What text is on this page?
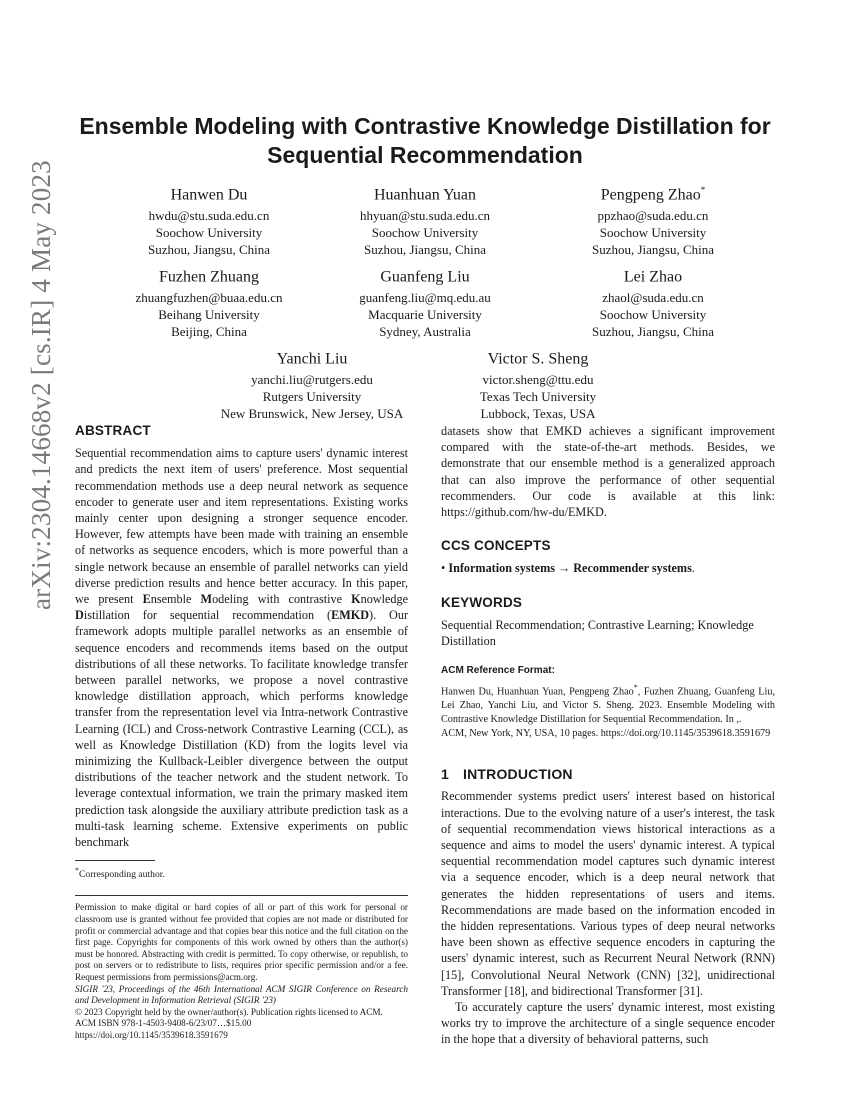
arXiv:2304.14668v2 [cs.IR] 4 May 2023
Ensemble Modeling with Contrastive Knowledge Distillation for Sequential Recommendation
Hanwen Du
hwdu@stu.suda.edu.cn
Soochow University
Suzhou, Jiangsu, China
Huanhuan Yuan
hhyuan@stu.suda.edu.cn
Soochow University
Suzhou, Jiangsu, China
Pengpeng Zhao*
ppzhao@suda.edu.cn
Soochow University
Suzhou, Jiangsu, China
Fuzhen Zhuang
zhuangfuzhen@buaa.edu.cn
Beihang University
Beijing, China
Guanfeng Liu
guanfeng.liu@mq.edu.au
Macquarie University
Sydney, Australia
Lei Zhao
zhaol@suda.edu.cn
Soochow University
Suzhou, Jiangsu, China
Yanchi Liu
yanchi.liu@rutgers.edu
Rutgers University
New Brunswick, New Jersey, USA
Victor S. Sheng
victor.sheng@ttu.edu
Texas Tech University
Lubbock, Texas, USA
ABSTRACT

Sequential recommendation aims to capture users' dynamic interest and predicts the next item of users' preference. Most sequential recommendation methods use a deep neural network as sequence encoder to generate user and item representations. Existing works mainly center upon designing a stronger sequence encoder. However, few attempts have been made with training an ensemble of networks as sequence encoders, which is more powerful than a single network because an ensemble of parallel networks can yield diverse prediction results and hence better accuracy. In this paper, we present Ensemble Modeling with contrastive Knowledge Distillation for sequential recommendation (EMKD). Our framework adopts multiple parallel networks as an ensemble of sequence encoders and recommends items based on the output distributions of all these networks. To facilitate knowledge transfer between parallel networks, we propose a novel contrastive knowledge distillation approach, which performs knowledge transfer from the representation level via Intra-network Contrastive Learning (ICL) and Cross-network Contrastive Learning (CCL), as well as Knowledge Distillation (KD) from the logits level via minimizing the Kullback-Leibler divergence between the output distributions of the teacher network and the student network. To leverage contextual information, we train the primary masked item prediction task alongside the auxiliary attribute prediction task as a multi-task learning scheme. Extensive experiments on public benchmark

*Corresponding author.

Permission to make digital or hard copies of all or part of this work for personal or classroom use is granted without fee provided that copies are not made or distributed for profit or commercial advantage and that copies bear this notice and the full citation on the first page. Copyrights for components of this work owned by others than the author(s) must be honored. Abstracting with credit is permitted. To copy otherwise, or republish, to post on servers or to redistribute to lists, requires prior specific permission and/or a fee. Request permissions from permissions@acm.org.

SIGIR '23, Proceedings of the 46th International ACM SIGIR Conference on Research and Development in Information Retrieval (SIGIR '23)

© 2023 Copyright held by the owner/author(s). Publication rights licensed to ACM.

ACM ISBN 978-1-4503-9408-6/23/07…$15.00

https://doi.org/10.1145/3539618.3591679

datasets show that EMKD achieves a significant improvement compared with the state-of-the-art methods. Besides, we demonstrate that our ensemble method is a generalized approach that can also improve the performance of other sequential recommenders. Our code is available at this link: https://github.com/hw-du/EMKD.

CCS CONCEPTS

• Information systems → Recommender systems.

KEYWORDS

Sequential Recommendation; Contrastive Learning; Knowledge Distillation

ACM Reference Format:
Hanwen Du, Huanhuan Yuan, Pengpeng Zhao*, Fuzhen Zhuang, Guanfeng Liu, Lei Zhao, Yanchi Liu, and Victor S. Sheng. 2023. Ensemble Modeling with Contrastive Knowledge Distillation for Sequential Recommendation. In ,.
ACM, New York, NY, USA, 10 pages. https://doi.org/10.1145/3539618.3591679
1 INTRODUCTION

Recommender systems predict users' interest based on historical interactions. Due to the evolving nature of a user's interest, the task of sequential recommendation views historical interactions as a sequence and aims to model the users' dynamic interest. A typical sequential recommendation model captures such dynamic interest via a sequence encoder, which is a deep neural network that generates the hidden representations of users and items. Recommendations are made based on the information encoded in the hidden representations. Various types of deep neural networks have been shown as effective sequence encoders in capturing the users' dynamic interest, such as Recurrent Neural Network (RNN) [15], Convolutional Neural Network (CNN) [32], unidirectional Transformer [18], and bidirectional Transformer [31].

To accurately capture the users' dynamic interest, most existing works try to improve the architecture of a single sequence encoder in the hope that a diversity of behavioral patterns, such
